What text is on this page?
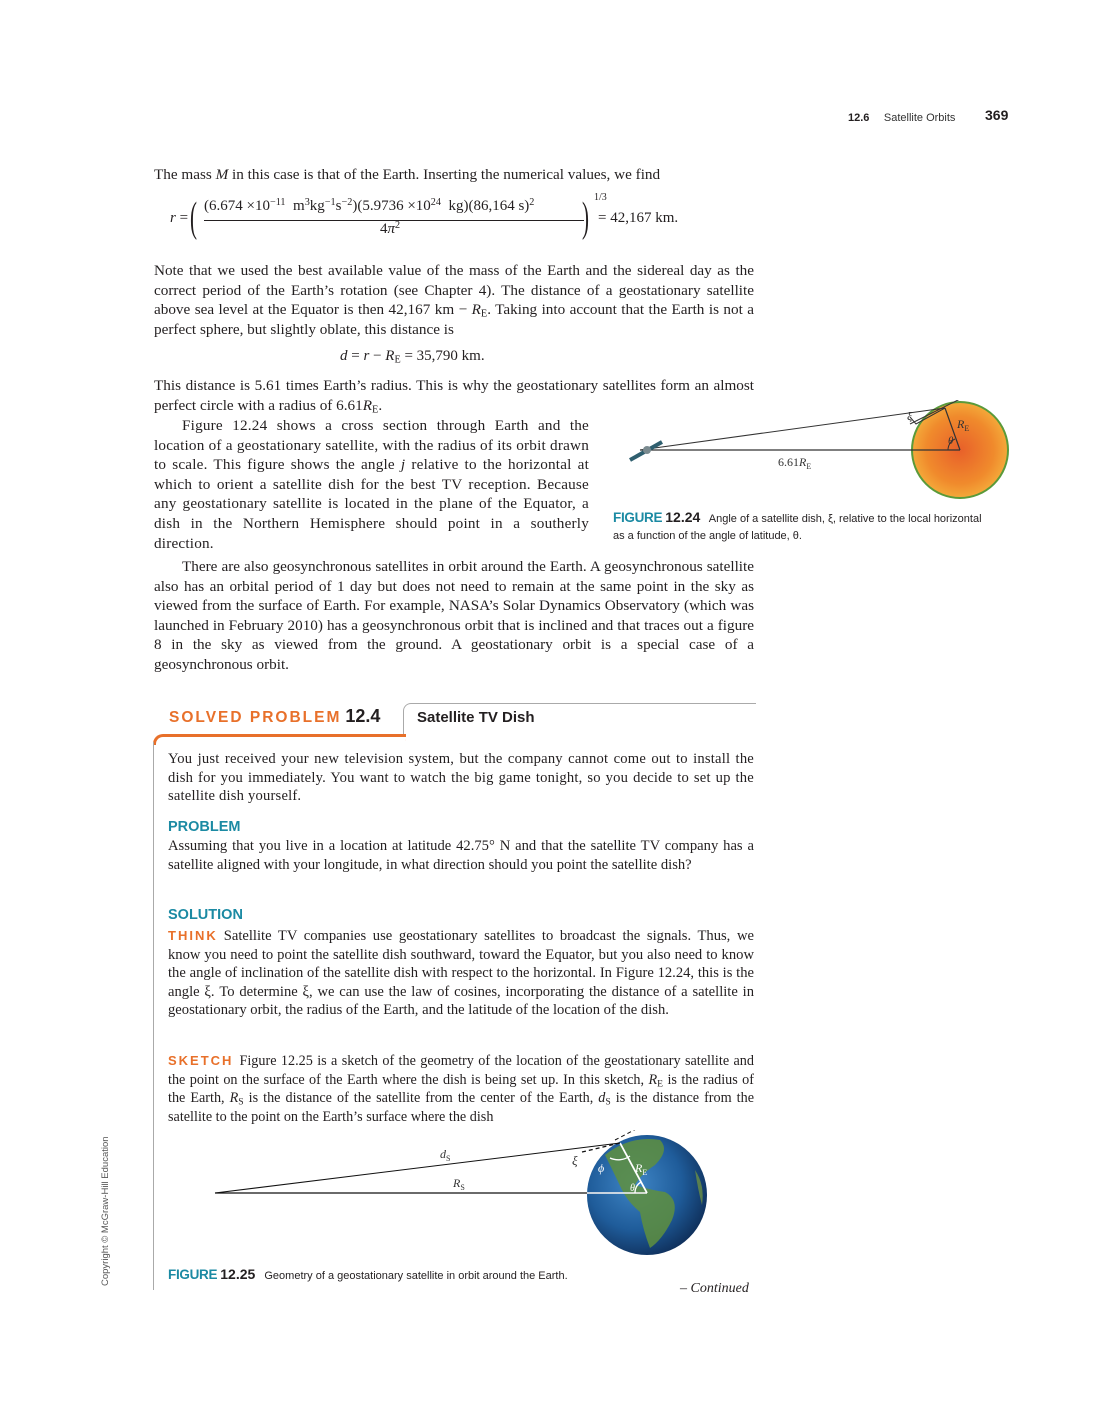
12.6 Satellite Orbits	369
The mass M in this case is that of the Earth. Inserting the numerical values, we find
r = ( ($6.674 \times 10^{-11}$  $m^3kg^{-1}s^{-2})(5.9736 \times 10^{24}$  kg)(86,164 s)$^2$
$4\pi^2$	) 1/3
= 42,167 km.
Note that we used the best available value of the mass of the Earth and the sidereal day as the correct period of the Earth’s rotation (see Chapter 4). The distance of a geostationary satellite above sea level at the Equator is then 42,167 km − $R_E$. Taking into account that the Earth is not a perfect sphere, but slightly oblate, this distance is
$d = r - R_E = 35,790$ km.
This distance is 5.61 times Earth’s radius. This is why the geostationary satellites form an almost perfect circle with a radius of $6.61R_E$.
Figure 12.24 shows a cross section through Earth and the location of a geostationary satellite, with the radius of its orbit drawn to scale. This figure shows the angle j relative to the horizontal at which to orient a satellite dish for the best TV reception. Because any geostationary satellite is located in the plane of the Equator, a dish in the Northern Hemisphere should point in a southerly direction.
There are also geosynchronous satellites in orbit around the Earth. A geosynchronous satellite also has an orbital period of 1 day but does not need to remain at the same point in the sky as viewed from the surface of Earth. For example, NASA’s Solar Dynamics Observatory (which was launched in February 2010) has a geosynchronous orbit that is inclined and that traces out a figure 8 in the sky as viewed from the ground. A geostationary orbit is a special case of a geosynchronous orbit.
ξ
$R_E$
θ
$6.61R_E$
FIGURE 12.24 Angle of a satellite dish, ξ, relative to the local horizontal as a function of the angle of latitude, θ.
SOLVED PROBLEM 12.4 Satellite TV Dish
You just received your new television system, but the company cannot come out to install the dish for you immediately. You want to watch the big game tonight, so you decide to set up the satellite dish yourself.
PROBLEM
Assuming that you live in a location at latitude 42.75° N and that the satellite TV company has a satellite aligned with your longitude, in what direction should you point the satellite dish?
SOLUTION
THINK Satellite TV companies use geostationary satellites to broadcast the signals. Thus, we know you need to point the satellite dish southward, toward the Equator, but you also need to know the angle of inclination of the satellite dish with respect to the horizontal. In Figure 12.24, this is the angle ξ. To determine ξ, we can use the law of cosines, incorporating the distance of a satellite in geostationary orbit, the radius of the Earth, and the latitude of the location of the dish.
SKETCH Figure 12.25 is a sketch of the geometry of the location of the geostationary satellite and the point on the surface of the Earth where the dish is being set up. In this sketch, $R_E$ is the radius of the Earth, $R_S$ is the distance of the satellite from the center of the Earth, $d_S$ is the distance from the satellite to the point on the Earth’s surface where the dish
$d_S$
$R_S$
ξ ϕ	$R_E$
θ
FIGURE 12.25 Geometry of a geostationary satellite in orbit around the Earth.
– Continued
Copyright © McGraw-Hill Education
